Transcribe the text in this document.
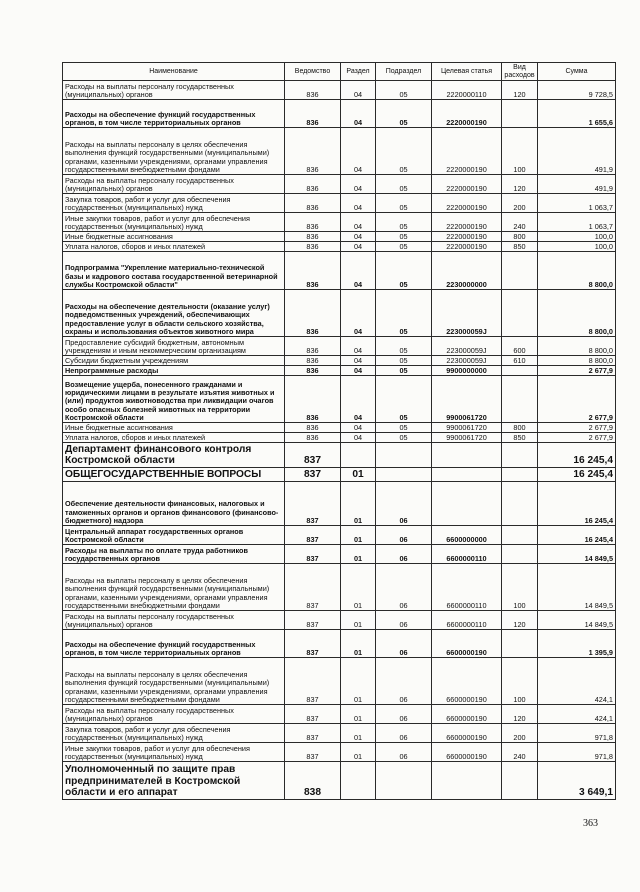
Наименование	Ведомство	Раздел	Подраздел	Целевая статья	Вид расходов	Сумма
Расходы на выплаты персоналу государственных (муниципальных) органов	836	04	05	2220000110	120	9 728,5
Расходы на обеспечение функций государственных органов, в том числе территориальных органов	836	04	05	2220000190		1 655,6
Расходы на выплаты персоналу в целях обеспечения выполнения функций государственными (муниципальными) органами, казенными учреждениями, органами управления государственными внебюджетными фондами	836	04	05	2220000190	100	491,9
Расходы на выплаты персоналу государственных (муниципальных) органов	836	04	05	2220000190	120	491,9
Закупка товаров, работ и услуг для обеспечения государственных (муниципальных) нужд	836	04	05	2220000190	200	1 063,7
Иные закупки товаров, работ и услуг для обеспечения государственных (муниципальных) нужд	836	04	05	2220000190	240	1 063,7
Иные бюджетные ассигнования	836	04	05	2220000190	800	100,0
Уплата налогов, сборов и иных платежей	836	04	05	2220000190	850	100,0
Подпрограмма "Укрепление материально-технической базы и кадрового состава государственной ветеринарной службы Костромской области"	836	04	05	2230000000		8 800,0
Расходы на обеспечение деятельности (оказание услуг) подведомственных учреждений, обеспечивающих предоставление услуг в области сельского хозяйства, охраны и использования объектов животного мира	836	04	05	223000059J		8 800,0
Предоставление субсидий бюджетным, автономным учреждениям и иным некоммерческим организациям	836	04	05	223000059J	600	8 800,0
Субсидии бюджетным учреждениям	836	04	05	223000059J	610	8 800,0
Непрограммные расходы	836	04	05	9900000000		2 677,9
Возмещение ущерба, понесенного гражданами и юридическими лицами в результате изъятия животных и (или) продуктов животноводства при ликвидации очагов особо опасных болезней животных на территории Костромской области	836	04	05	9900061720		2 677,9
Иные бюджетные ассигнования	836	04	05	9900061720	800	2 677,9
Уплата налогов, сборов и иных платежей	836	04	05	9900061720	850	2 677,9
Департамент финансового контроля Костромской области	837					16 245,4
ОБЩЕГОСУДАРСТВЕННЫЕ ВОПРОСЫ	837	01				16 245,4
Обеспечение деятельности финансовых, налоговых и таможенных органов и органов финансового (финансово-бюджетного) надзора	837	01	06			16 245,4
Центральный аппарат государственных органов Костромской области	837	01	06	6600000000		16 245,4
Расходы на выплаты по оплате труда работников государственных органов	837	01	06	6600000110		14 849,5
Расходы на выплаты персоналу в целях обеспечения выполнения функций государственными (муниципальными) органами, казенными учреждениями, органами управления государственными внебюджетными фондами	837	01	06	6600000110	100	14 849,5
Расходы на выплаты персоналу государственных (муниципальных) органов	837	01	06	6600000110	120	14 849,5
Расходы на обеспечение функций государственных органов, в том числе территориальных органов	837	01	06	6600000190		1 395,9
Расходы на выплаты персоналу в целях обеспечения выполнения функций государственными (муниципальными) органами, казенными учреждениями, органами управления государственными внебюджетными фондами	837	01	06	6600000190	100	424,1
Расходы на выплаты персоналу государственных (муниципальных) органов	837	01	06	6600000190	120	424,1
Закупка товаров, работ и услуг для обеспечения государственных (муниципальных) нужд	837	01	06	6600000190	200	971,8
Иные закупки товаров, работ и услуг для обеспечения государственных (муниципальных) нужд	837	01	06	6600000190	240	971,8
Уполномоченный по защите прав предпринимателей в Костромской области и его аппарат	838					3 649,1
363
